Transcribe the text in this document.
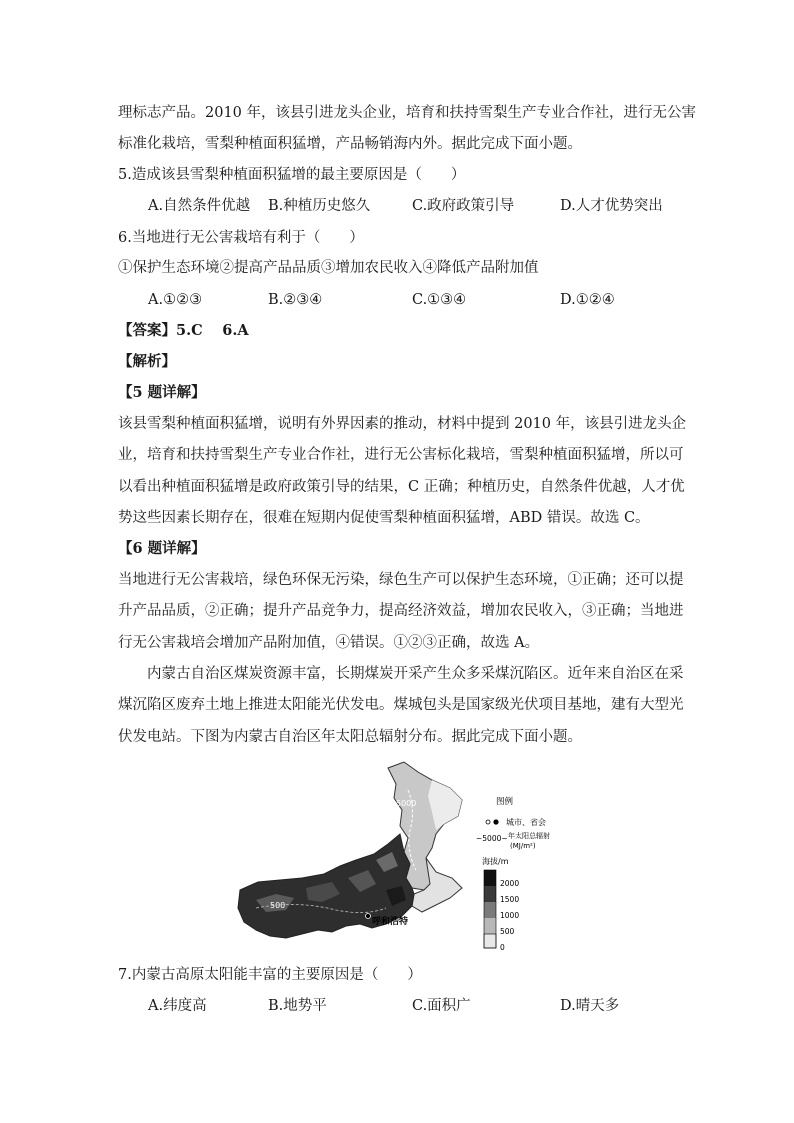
理标志产品。2010 年，该县引进龙头企业，培育和扶持雪梨生产专业合作社，进行无公害
标准化栽培，雪梨种植面积猛增，产品畅销海内外。据此完成下面小题。
5.造成该县雪梨种植面积猛增的最主要原因是（　　）
A.自然条件优越 B.种植历史悠久	C.政府政策引导	D.人才优势突出
6.当地进行无公害栽培有利于（　　）
①保护生态环境②提高产品品质③增加农民收入④降低产品附加值
A.①②③	B.②③④	C.①③④	D.①②④
【答案】5.C　 6.A
【解析】
【5 题详解】
该县雪梨种植面积猛增，说明有外界因素的推动，材料中提到 2010 年，该县引进龙头企
业，培育和扶持雪梨生产专业合作社，进行无公害标化栽培，雪梨种植面积猛增，所以可
以看出种植面积猛增是政府政策引导的结果，C 正确；种植历史，自然条件优越，人才优
势这些因素长期存在，很难在短期内促使雪梨种植面积猛增，ABD 错误。故选 C。
【6 题详解】
当地进行无公害栽培，绿色环保无污染，绿色生产可以保护生态环境，①正确；还可以提
升产品品质，②正确；提升产品竞争力，提高经济效益，增加农民收入，③正确；当地进
行无公害栽培会增加产品附加值，④错误。①②③正确，故选 A。
　　内蒙古自治区煤炭资源丰富，长期煤炭开采产生众多采煤沉陷区。近年来自治区在采
煤沉陷区废弃土地上推进太阳能光伏发电。煤城包头是国家级光伏项目基地，建有大型光
伏发电站。下图为内蒙古自治区年太阳总辐射分布。据此完成下面小题。
5000
500
呼和浩特
图例
城市、省会
~5000~ 年太阳总辐射
(MJ/m²)
海拔/m
2000
1500
1000
500
0
7.内蒙古高原太阳能丰富的主要原因是（　　）
A.纬度高	B.地势平	C.面积广	D.晴天多
